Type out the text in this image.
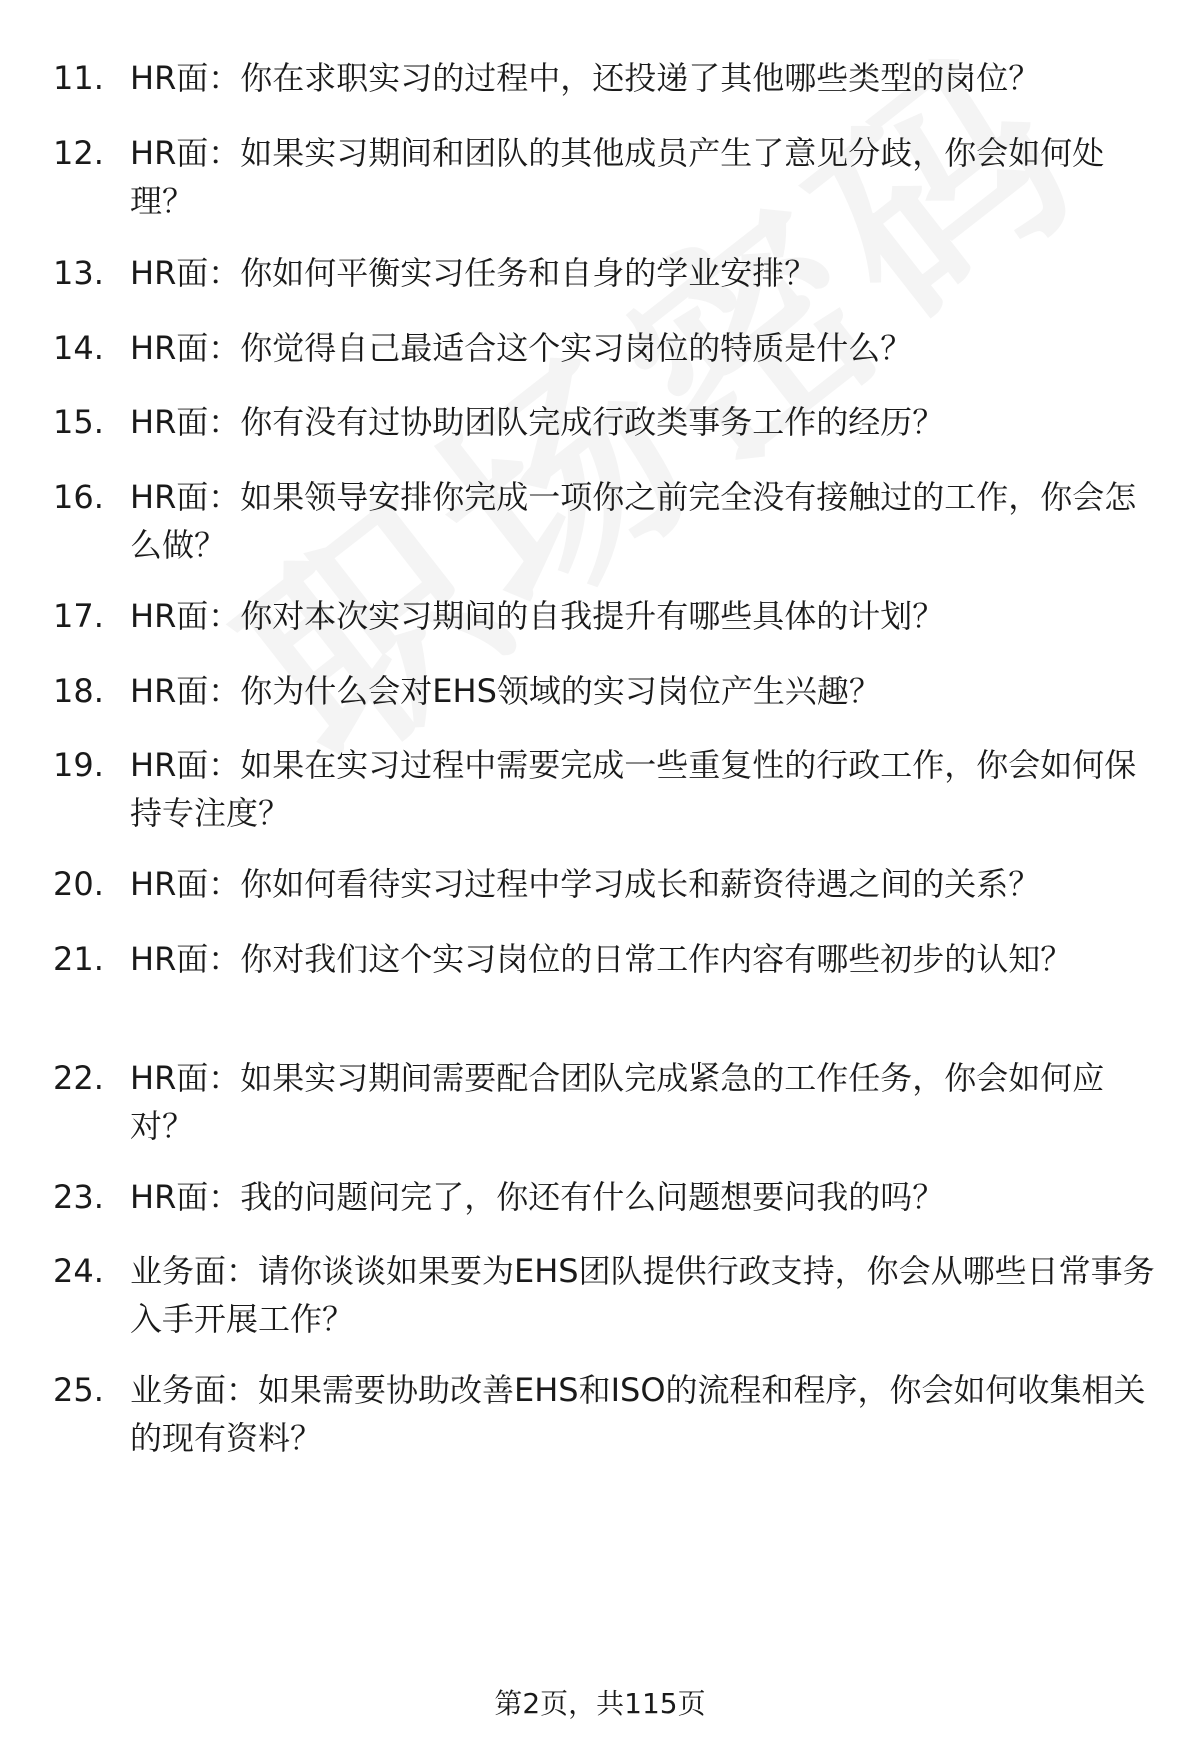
11. HR面：你在求职实习的过程中，还投递了其他哪些类型的岗位？
12. HR面：如果实习期间和团队的其他成员产生了意见分歧，你会如何处理？
13. HR面：你如何平衡实习任务和自身的学业安排？
14. HR面：你觉得自己最适合这个实习岗位的特质是什么？
15. HR面：你有没有过协助团队完成行政类事务工作的经历？
16. HR面：如果领导安排你完成一项你之前完全没有接触过的工作，你会怎么做？
17. HR面：你对本次实习期间的自我提升有哪些具体的计划？
18. HR面：你为什么会对EHS领域的实习岗位产生兴趣？
19. HR面：如果在实习过程中需要完成一些重复性的行政工作，你会如何保持专注度？
20. HR面：你如何看待实习过程中学习成长和薪资待遇之间的关系？
21. HR面：你对我们这个实习岗位的日常工作内容有哪些初步的认知？
22. HR面：如果实习期间需要配合团队完成紧急的工作任务，你会如何应对？
23. HR面：我的问题问完了，你还有什么问题想要问我的吗？
24. 业务面：请你谈谈如果要为EHS团队提供行政支持，你会从哪些日常事务入手开展工作？
25. 业务面：如果需要协助改善EHS和ISO的流程和程序，你会如何收集相关的现有资料？
第2页，共115页
